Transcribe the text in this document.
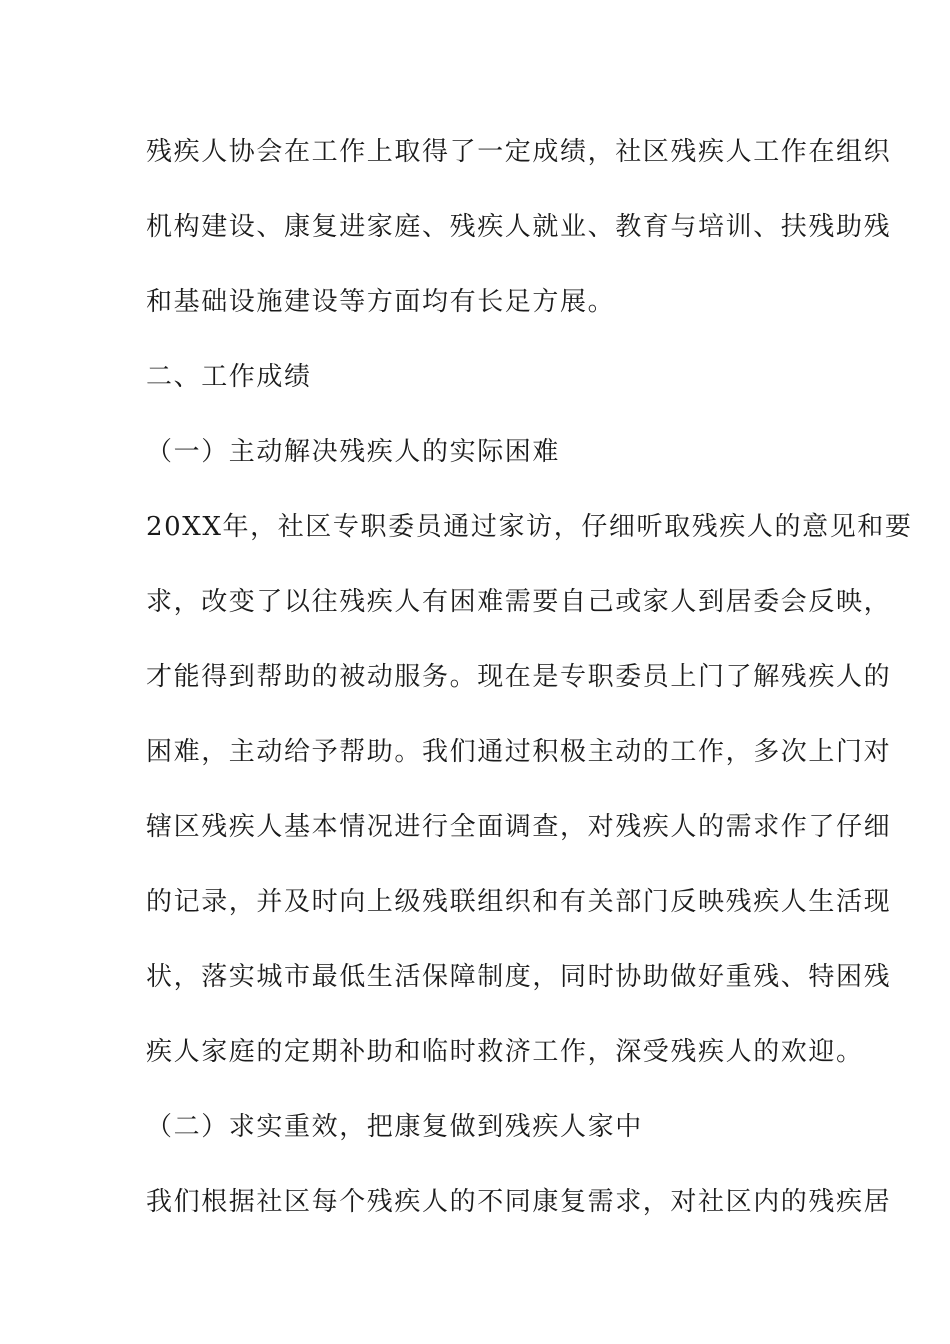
残疾人协会在工作上取得了一定成绩，社区残疾人工作在组织
机构建设、康复进家庭、残疾人就业、教育与培训、扶残助残
和基础设施建设等方面均有长足方展。
二、工作成绩
（一）主动解决残疾人的实际困难
20XX年，社区专职委员通过家访，仔细听取残疾人的意见和要
求，改变了以往残疾人有困难需要自己或家人到居委会反映，
才能得到帮助的被动服务。现在是专职委员上门了解残疾人的
困难，主动给予帮助。我们通过积极主动的工作，多次上门对
辖区残疾人基本情况进行全面调查，对残疾人的需求作了仔细
的记录，并及时向上级残联组织和有关部门反映残疾人生活现
状，落实城市最低生活保障制度，同时协助做好重残、特困残
疾人家庭的定期补助和临时救济工作，深受残疾人的欢迎。
（二）求实重效，把康复做到残疾人家中
我们根据社区每个残疾人的不同康复需求，对社区内的残疾居
